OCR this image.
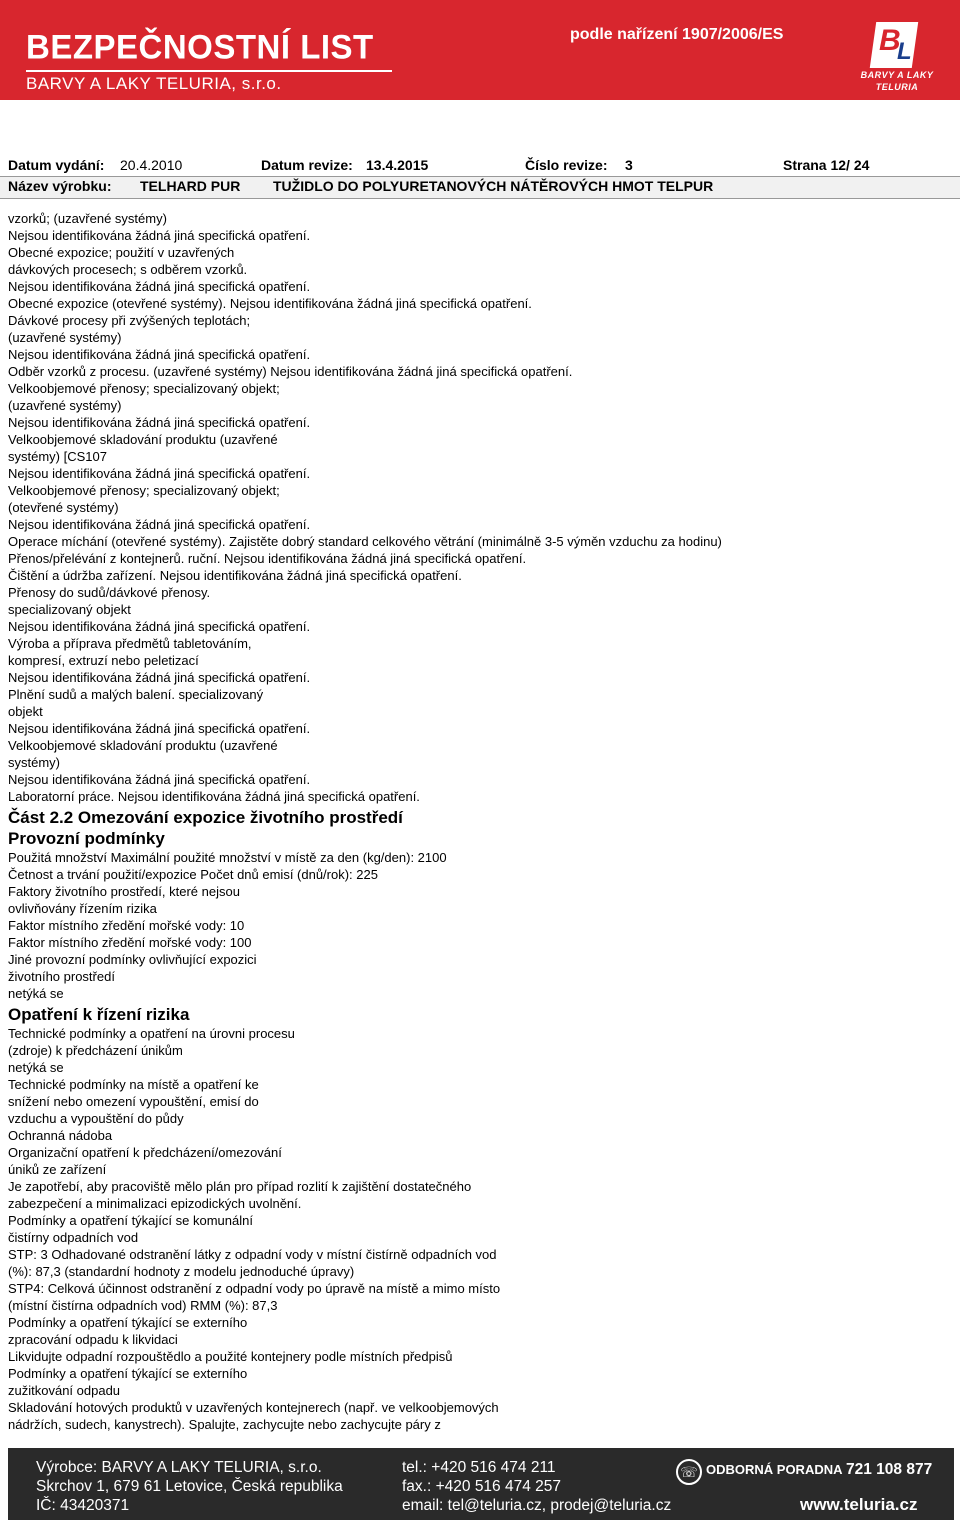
BEZPEČNOSTNÍ LIST
BARVY A LAKY TELURIA, s.r.o.
podle nařízení 1907/2006/ES	B
L
BARVY A LAKY
TELURIA
Datum vydání: 20.4.2010	Datum revize: 13.4.2015	Číslo revize: 3	Strana 12/ 24
Název výrobku: TELHARD PUR TUŽIDLO DO POLYURETANOVÝCH NÁTĚROVÝCH HMOT TELPUR
vzorků; (uzavřené systémy)
Nejsou identifikována žádná jiná specifická opatření.
Obecné expozice; použití v uzavřených
dávkových procesech; s odběrem vzorků.
Nejsou identifikována žádná jiná specifická opatření.
Obecné expozice (otevřené systémy). Nejsou identifikována žádná jiná specifická opatření.
Dávkové procesy při zvýšených teplotách;
(uzavřené systémy)
Nejsou identifikována žádná jiná specifická opatření.
Odběr vzorků z procesu. (uzavřené systémy) Nejsou identifikována žádná jiná specifická opatření.
Velkoobjemové přenosy; specializovaný objekt;
(uzavřené systémy)
Nejsou identifikována žádná jiná specifická opatření.
Velkoobjemové skladování produktu (uzavřené
systémy) [CS107
Nejsou identifikována žádná jiná specifická opatření.
Velkoobjemové přenosy; specializovaný objekt;
(otevřené systémy)
Nejsou identifikována žádná jiná specifická opatření.
Operace míchání (otevřené systémy). Zajistěte dobrý standard celkového větrání (minimálně 3-5 výměn vzduchu za hodinu)
Přenos/přelévání z kontejnerů. ruční. Nejsou identifikována žádná jiná specifická opatření.
Čištění a údržba zařízení. Nejsou identifikována žádná jiná specifická opatření.
Přenosy do sudů/dávkové přenosy.
specializovaný objekt
Nejsou identifikována žádná jiná specifická opatření.
Výroba a příprava předmětů tabletováním,
kompresí, extruzí nebo peletizací
Nejsou identifikována žádná jiná specifická opatření.
Plnění sudů a malých balení. specializovaný
objekt
Nejsou identifikována žádná jiná specifická opatření.
Velkoobjemové skladování produktu (uzavřené
systémy)
Nejsou identifikována žádná jiná specifická opatření.
Laboratorní práce. Nejsou identifikována žádná jiná specifická opatření.
Část 2.2 Omezování expozice životního prostředí
Provozní podmínky
Použitá množství Maximální použité množství v místě za den (kg/den): 2100
Četnost a trvání použití/expozice Počet dnů emisí (dnů/rok): 225
Faktory životního prostředí, které nejsou
ovlivňovány řízením rizika
Faktor místního zředění mořské vody: 10
Faktor místního zředění mořské vody: 100
Jiné provozní podmínky ovlivňující expozici
životního prostředí
netýká se
Opatření k řízení rizika
Technické podmínky a opatření na úrovni procesu
(zdroje) k předcházení únikům
netýká se
Technické podmínky na místě a opatření ke
snížení nebo omezení vypouštění, emisí do
vzduchu a vypouštění do půdy
Ochranná nádoba
Organizační opatření k předcházení/omezování
úniků ze zařízení
Je zapotřebí, aby pracoviště mělo plán pro případ rozlití k zajištění dostatečného
zabezpečení a minimalizaci epizodických uvolnění.
Podmínky a opatření týkající se komunální
čistírny odpadních vod
STP: 3 Odhadované odstranění látky z odpadní vody v místní čistírně odpadních vod
(%): 87,3 (standardní hodnoty z modelu jednoduché úpravy)
STP4: Celková účinnost odstranění z odpadní vody po úpravě na místě a mimo místo
(místní čistírna odpadních vod) RMM (%): 87,3
Podmínky a opatření týkající se externího
zpracování odpadu k likvidaci
Likvidujte odpadní rozpouštědlo a použité kontejnery podle místních předpisů
Podmínky a opatření týkající se externího
zužitkování odpadu
Skladování hotových produktů v uzavřených kontejnerech (např. ve velkoobjemových
nádržích, sudech, kanystrech). Spalujte, zachycujte nebo zachycujte páry z
Výrobce: BARVY A LAKY TELURIA, s.r.o.
Skrchov 1, 679 61 Letovice, Česká republika
IČ: 43420371
tel.: +420 516 474 211
fax.: +420 516 474 257
email: tel@teluria.cz, prodej@teluria.cz
☏ ODBORNÁ PORADNA 721 108 877
www.teluria.cz
